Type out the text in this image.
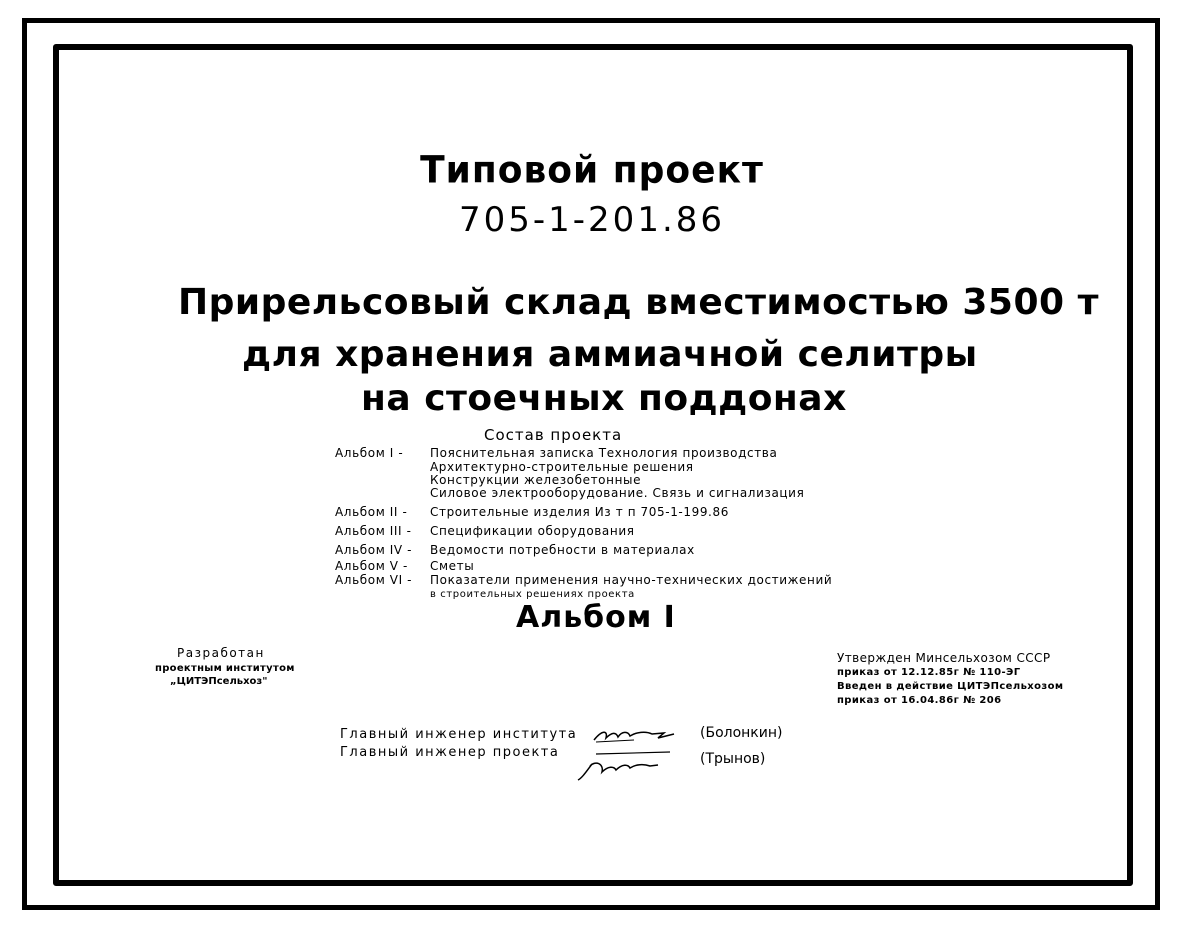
Типовой проект
705-1-201.86
Прирельсовый склад вместимостью 3500 т
для хранения аммиачной селитры
на стоечных поддонах
Состав проекта
Альбом I -	Пояснительная записка Технология производства
Архитектурно-строительные решения
Конструкции железобетонные
Силовое электрооборудование. Связь и сигнализация
Альбом II -	Строительные изделия Из т п 705-1-199.86
Альбом III -	Спецификации оборудования
Альбом IV -	Ведомости потребности в материалах
Альбом V -	Сметы
Альбом VI -	Показатели применения научно-технических достижений
в строительных решениях проекта
Альбом I
Разработан
проектным институтом
„ЦИТЭПсельхоз"
Утвержден Минсельхозом СССР
приказ от 12.12.85г № 110-ЭГ
Введен в действие ЦИТЭПсельхозом
приказ от 16.04.86г № 206
Главный инженер института	(Болонкин)
Главный инженер проекта	(Трынов)
